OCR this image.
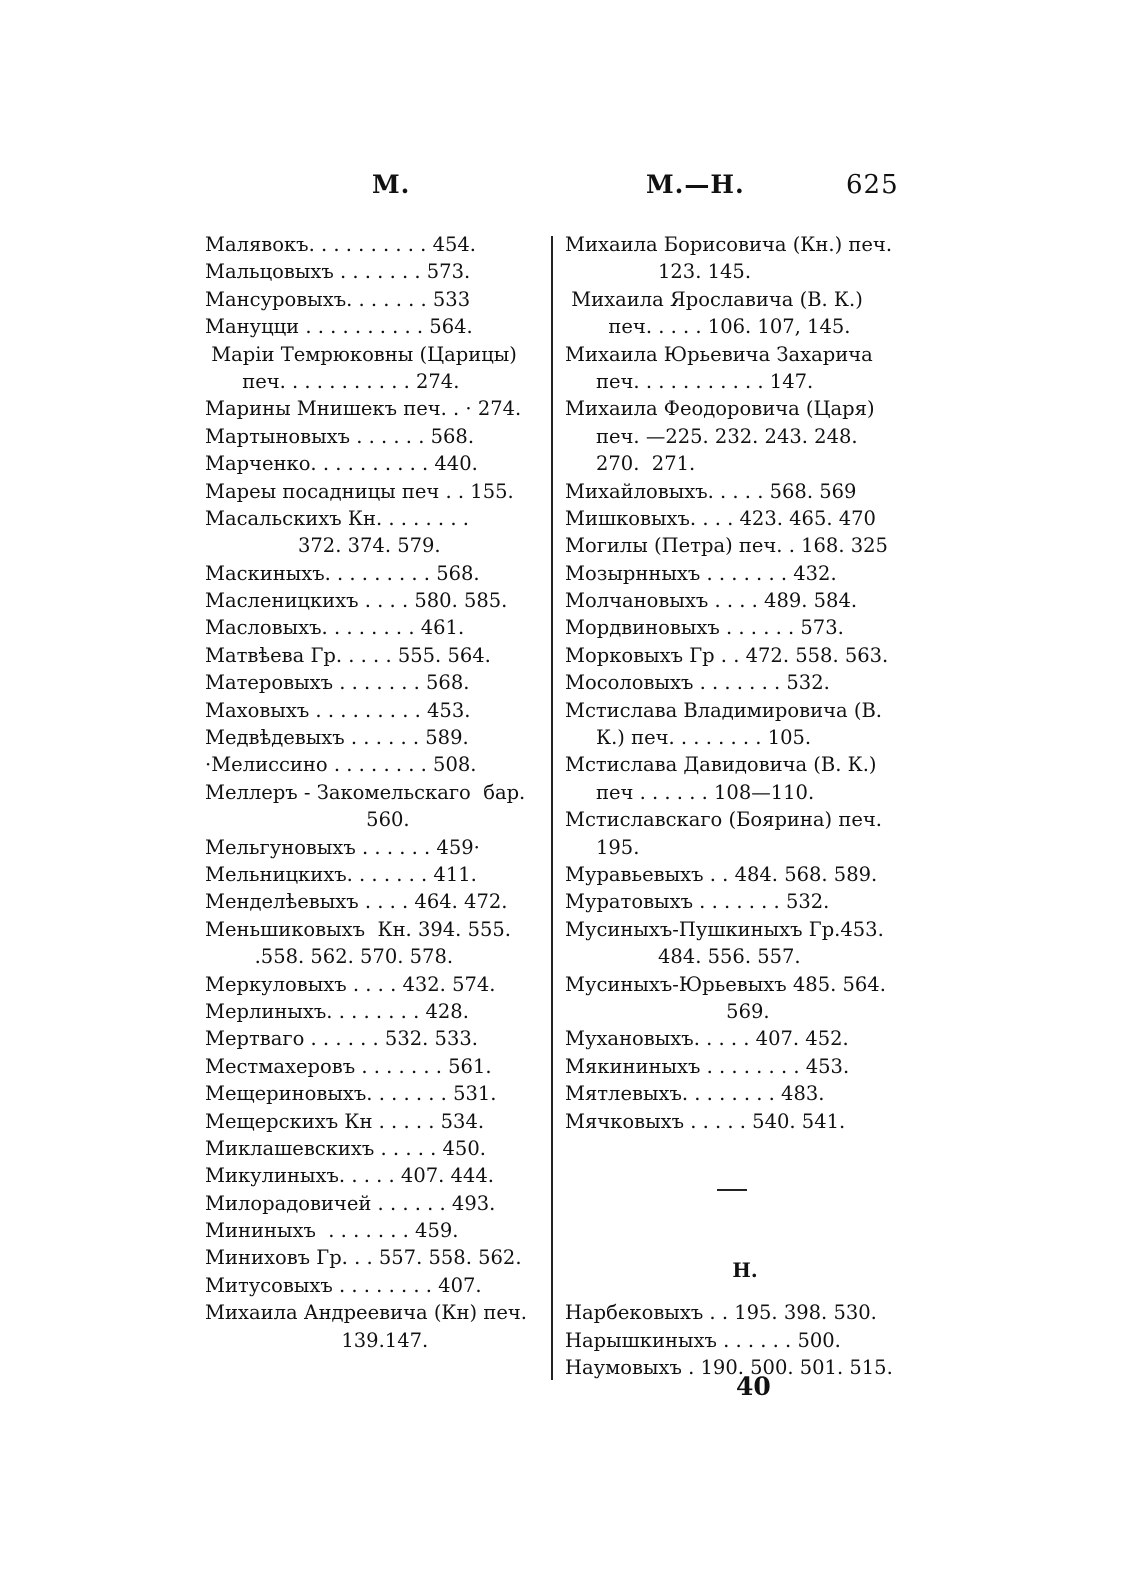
М.	М.—Н.	625
Малявокъ. . . . . . . . . . 454.
Мальцовыхъ . . . . . . . 573.
Мансуровыхъ. . . . . . . 533
Мануцци . . . . . . . . . . 564.
Маріи Темрюковны (Царицы)
печ. . . . . . . . . . . 274.
Марины Мнишекъ печ. . · 274.
Мартыновыхъ . . . . . . 568.
Марченко. . . . . . . . . . 440.
Мареы посадницы печ . . 155.
Масальскихъ Кн. . . . . . . .
372. 374. 579.
Маскиныхъ. . . . . . . . . 568.
Масленицкихъ . . . . 580. 585.
Масловыхъ. . . . . . . . 461.
Матвѣева Гр. . . . . 555. 564.
Матеровыхъ . . . . . . . 568.
Маховыхъ . . . . . . . . . 453.
Медвѣдевыхъ . . . . . . 589.
·Мелиссино . . . . . . . . 508.
Меллеръ - Закомельскаго  бар.
560.
Мельгуновыхъ . . . . . . 459·
Мельницкихъ. . . . . . . 411.
Менделѣевыхъ . . . . 464. 472.
Меньшиковыхъ  Кн. 394. 555.
.558. 562. 570. 578.
Меркуловыхъ . . . . 432. 574.
Мерлиныхъ. . . . . . . . 428.
Мертваго . . . . . . 532. 533.
Местмахеровъ . . . . . . . 561.
Мещериновыхъ. . . . . . . 531.
Мещерскихъ Кн . . . . . 534.
Миклашевскихъ . . . . . 450.
Микулиныхъ. . . . . 407. 444.
Милорадовичей . . . . . . 493.
Мининыхъ  . . . . . . . 459.
Миниховъ Гр. . . 557. 558. 562.
Митусовыхъ . . . . . . . . 407.
Михаила Андреевича (Кн) печ.
139.147.
Михаила Борисовича (Кн.) печ.
123. 145.
Михаила Ярославича (В. К.)
печ. . . . . 106. 107, 145.
Михаила Юрьевича Захарича
печ. . . . . . . . . . . 147.
Михаила Феодоровича (Царя)
печ. —225. 232. 243. 248.
270.  271.
Михайловыхъ. . . . . 568. 569
Мишковыхъ. . . . 423. 465. 470
Могилы (Петра) печ. . 168. 325
Мозырнныхъ . . . . . . . 432.
Молчановыхъ . . . . 489. 584.
Мордвиновыхъ . . . . . . 573.
Морковыхъ Гр . . 472. 558. 563.
Мосоловыхъ . . . . . . . 532.
Мстислава Владимировича (В.
К.) печ. . . . . . . . 105.
Мстислава Давидовича (В. К.)
печ . . . . . . 108—110.
Мстиславскаго (Боярина) печ.
195.
Муравьевыхъ . . 484. 568. 589.
Муратовыхъ . . . . . . . 532.
Мусиныхъ-Пушкиныхъ Гр.453.
484. 556. 557.
Мусиныхъ-Юрьевыхъ 485. 564.
569.
Мухановыхъ. . . . . 407. 452.
Мякининыхъ . . . . . . . . 453.
Мятлевыхъ. . . . . . . . 483.
Мячковыхъ . . . . . 540. 541.
Н.
Нарбековыхъ . . 195. 398. 530.
Нарышкиныхъ . . . . . . 500.
Наумовыхъ . 190. 500. 501. 515.
40
